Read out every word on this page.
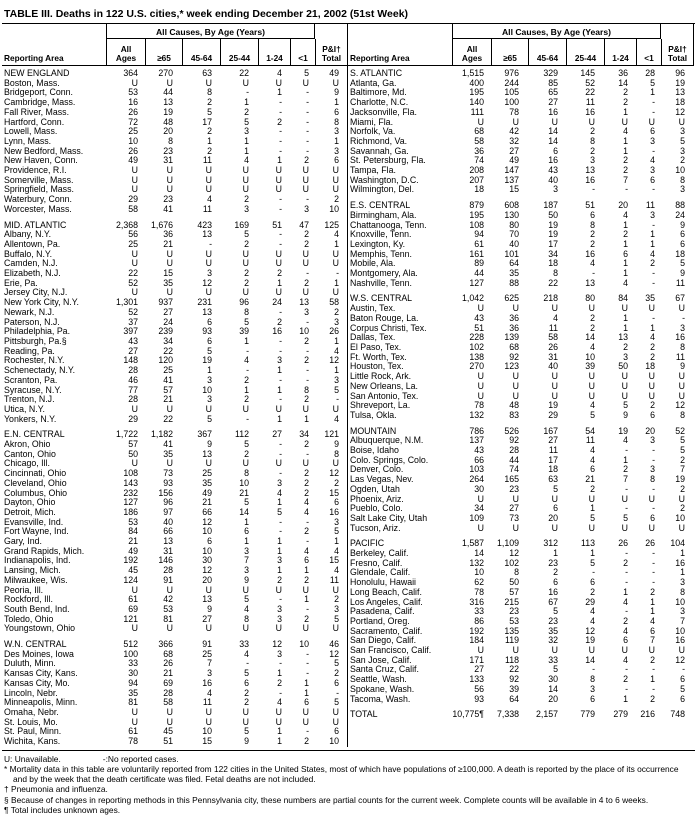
TABLE III. Deaths in 122 U.S. cities,* week ending December 21, 2002 (51st Week)
All Causes, By Age (Years)
Reporting Area
All
Ages	≥65 45-64 25-44 1-24 <1
P&I†
Total
NEW ENGLAND	364	270	63	22	4	5	49
Boston, Mass.	U	U	U	U	U	U	U
Bridgeport, Conn.	53	44	8	-	1	-	9
Cambridge, Mass.	16	13	2	1	-	-	1
Fall River, Mass.	26	19	5	2	-	-	6
Hartford, Conn.	72	48	17	5	2	-	8
Lowell, Mass.	25	20	2	3	-	-	3
Lynn, Mass.	10	8	1	1	-	-	1
New Bedford, Mass.	26	23	2	1	-	-	3
New Haven, Conn.	49	31	11	4	1	2	6
Providence, R.I.	U	U	U	U	U	U	U
Somerville, Mass.	U	U	U	U	U	U	U
Springfield, Mass.	U	U	U	U	U	U	U
Waterbury, Conn.	29	23	4	2	-	-	2
Worcester, Mass.	58	41	11	3	-	3	10
MID. ATLANTIC	2,368	1,676	423	169	51	47	125
Albany, N.Y.	56	36	13	5	-	2	4
Allentown, Pa.	25	21	-	2	-	2	1
Buffalo, N.Y.	U	U	U	U	U	U	U
Camden, N.J.	U	U	U	U	U	U	U
Elizabeth, N.J.	22	15	3	2	2	-	-
Erie, Pa.	52	35	12	2	1	2	1
Jersey City, N.J.	U	U	U	U	U	U	U
New York City, N.Y.	1,301	937	231	96	24	13	58
Newark, N.J.	52	27	13	8	-	3	2
Paterson, N.J.	37	24	6	5	2	-	3
Philadelphia, Pa.	397	239	93	39	16	10	26
Pittsburgh, Pa.§	43	34	6	1	-	2	1
Reading, Pa.	27	22	5	-	-	-	4
Rochester, N.Y.	148	120	19	4	3	2	12
Schenectady, N.Y.	28	25	1	-	1	-	1
Scranton, Pa.	46	41	3	2	-	-	3
Syracuse, N.Y.	77	57	10	1	1	8	5
Trenton, N.J.	28	21	3	2	-	2	-
Utica, N.Y.	U	U	U	U	U	U	U
Yonkers, N.Y.	29	22	5	-	1	1	4
E.N. CENTRAL	1,722	1,182	367	112	27	34	121
Akron, Ohio	57	41	9	5	-	2	9
Canton, Ohio	50	35	13	2	-	-	8
Chicago, Ill.	U	U	U	U	U	U	U
Cincinnati, Ohio	108	73	25	8	-	2	12
Cleveland, Ohio	143	93	35	10	3	2	2
Columbus, Ohio	232	156	49	21	4	2	15
Dayton, Ohio	127	96	21	5	1	4	6
Detroit, Mich.	186	97	66	14	5	4	16
Evansville, Ind.	53	40	12	1	-	-	3
Fort Wayne, Ind.	84	66	10	6	-	2	5
Gary, Ind.	21	13	6	1	1	-	1
Grand Rapids, Mich.	49	31	10	3	1	4	4
Indianapolis, Ind.	192	146	30	7	3	6	15
Lansing, Mich.	45	28	12	3	1	1	4
Milwaukee, Wis.	124	91	20	9	2	2	11
Peoria, Ill.	U	U	U	U	U	U	U
Rockford, Ill.	61	42	13	5	-	1	2
South Bend, Ind.	69	53	9	4	3	-	3
Toledo, Ohio	121	81	27	8	3	2	5
Youngstown, Ohio	U	U	U	U	U	U	U
W.N. CENTRAL	512	366	91	33	12	10	46
Des Moines, Iowa	100	68	25	4	3	-	12
Duluth, Minn.	33	26	7	-	-	-	5
Kansas City, Kans.	30	21	3	5	1	-	2
Kansas City, Mo.	94	69	16	6	2	1	6
Lincoln, Nebr.	35	28	4	2	-	1	-
Minneapolis, Minn.	81	58	11	2	4	6	5
Omaha, Nebr.	U	U	U	U	U	U	U
St. Louis, Mo.	U	U	U	U	U	U	U
St. Paul, Minn.	61	45	10	5	1	-	6
Wichita, Kans.	78	51	15	9	1	2	10
All Causes, By Age (Years)
Reporting Area
All
Ages	≥65 45-64 25-44 1-24 <1
P&I†
Total
S. ATLANTIC	1,515	976	329	145	36	28	96
Atlanta, Ga.	400	244	85	52	14	5	19
Baltimore, Md.	195	105	65	22	2	1	13
Charlotte, N.C.	140	100	27	11	2	-	18
Jacksonville, Fla.	111	78	16	16	1	-	12
Miami, Fla.	U	U	U	U	U	U	U
Norfolk, Va.	68	42	14	2	4	6	3
Richmond, Va.	58	32	14	8	1	3	5
Savannah, Ga.	36	27	6	2	1	-	3
St. Petersburg, Fla.	74	49	16	3	2	4	2
Tampa, Fla.	208	147	43	13	2	3	10
Washington, D.C.	207	137	40	16	7	6	8
Wilmington, Del.	18	15	3	-	-	-	3
E.S. CENTRAL	879	608	187	51	20	11	88
Birmingham, Ala.	195	130	50	6	4	3	24
Chattanooga, Tenn.	108	80	19	8	1	-	9
Knoxville, Tenn.	94	70	19	2	2	1	6
Lexington, Ky.	61	40	17	2	1	1	6
Memphis, Tenn.	161	101	34	16	6	4	18
Mobile, Ala.	89	64	18	4	1	2	5
Montgomery, Ala.	44	35	8	-	1	-	9
Nashville, Tenn.	127	88	22	13	4	-	11
W.S. CENTRAL	1,042	625	218	80	84	35	67
Austin, Tex.	U	U	U	U	U	U	U
Baton Rouge, La.	43	36	4	2	1	-	-
Corpus Christi, Tex.	51	36	11	2	1	1	3
Dallas, Tex.	228	139	58	14	13	4	16
El Paso, Tex.	102	68	26	4	2	2	8
Ft. Worth, Tex.	138	92	31	10	3	2	11
Houston, Tex.	270	123	40	39	50	18	9
Little Rock, Ark.	U	U	U	U	U	U	U
New Orleans, La.	U	U	U	U	U	U	U
San Antonio, Tex.	U	U	U	U	U	U	U
Shreveport, La.	78	48	19	4	5	2	12
Tulsa, Okla.	132	83	29	5	9	6	8
MOUNTAIN	786	526	167	54	19	20	52
Albuquerque, N.M.	137	92	27	11	4	3	5
Boise, Idaho	43	28	11	4	-	-	5
Colo. Springs, Colo.	66	44	17	4	1	-	2
Denver, Colo.	103	74	18	6	2	3	7
Las Vegas, Nev.	264	165	63	21	7	8	19
Ogden, Utah	30	23	5	2	-	-	2
Phoenix, Ariz.	U	U	U	U	U	U	U
Pueblo, Colo.	34	27	6	1	-	-	2
Salt Lake City, Utah	109	73	20	5	5	6	10
Tucson, Ariz.	U	U	U	U	U	U	U
PACIFIC	1,587	1,109	312	113	26	26	104
Berkeley, Calif.	14	12	1	1	-	-	1
Fresno, Calif.	132	102	23	5	2	-	16
Glendale, Calif.	10	8	2	-	-	-	1
Honolulu, Hawaii	62	50	6	6	-	-	3
Long Beach, Calif.	78	57	16	2	1	2	8
Los Angeles, Calif.	316	215	67	29	4	1	10
Pasadena, Calif.	33	23	5	4	-	1	3
Portland, Oreg.	86	53	23	4	2	4	7
Sacramento, Calif.	192	135	35	12	4	6	10
San Diego, Calif.	184	119	32	19	6	7	16
San Francisco, Calif.	U	U	U	U	U	U	U
San Jose, Calif.	171	118	33	14	4	2	12
Santa Cruz, Calif.	27	22	5	-	-	-	-
Seattle, Wash.	133	92	30	8	2	1	6
Spokane, Wash.	56	39	14	3	-	-	5
Tacoma, Wash.	93	64	20	6	1	2	6
TOTAL	10,775¶	7,338	2,157	779	279	216	748
U: Unavailable.	-:No reported cases.
* Mortality data in this table are voluntarily reported from 122 cities in the United States, most of which have populations of ≥100,000. A death is reported by the place of its occurrence and by the week that the death certificate was filed. Fetal deaths are not included.
† Pneumonia and influenza.
§ Because of changes in reporting methods in this Pennsylvania city, these numbers are partial counts for the current week. Complete counts will be available in 4 to 6 weeks.
¶ Total includes unknown ages.
